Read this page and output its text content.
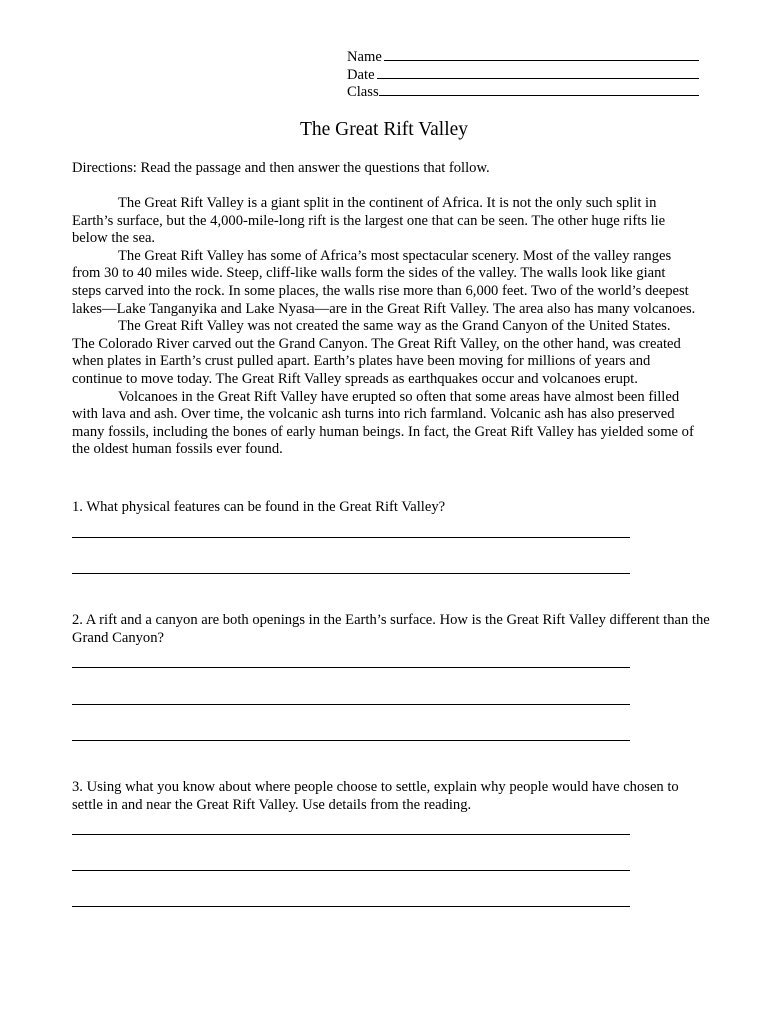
Name
Date
Class
The Great Rift Valley
Directions: Read the passage and then answer the questions that follow.

The Great Rift Valley is a giant split in the continent of Africa. It is not the only such split in Earth’s surface, but the 4,000-mile-long rift is the largest one that can be seen. The other huge rifts lie below the sea.

The Great Rift Valley has some of Africa’s most spectacular scenery. Most of the valley ranges from 30 to 40 miles wide. Steep, cliff-like walls form the sides of the valley. The walls look like giant steps carved into the rock. In some places, the walls rise more than 6,000 feet. Two of the world’s deepest lakes—Lake Tanganyika and Lake Nyasa—are in the Great Rift Valley. The area also has many volcanoes.

The Great Rift Valley was not created the same way as the Grand Canyon of the United States. The Colorado River carved out the Grand Canyon. The Great Rift Valley, on the other hand, was created when plates in Earth’s crust pulled apart. Earth’s plates have been moving for millions of years and continue to move today. The Great Rift Valley spreads as earthquakes occur and volcanoes erupt.

Volcanoes in the Great Rift Valley have erupted so often that some areas have almost been filled with lava and ash. Over time, the volcanic ash turns into rich farmland. Volcanic ash has also preserved many fossils, including the bones of early human beings. In fact, the Great Rift Valley has yielded some of the oldest human fossils ever found.

1. What physical features can be found in the Great Rift Valley?
2. A rift and a canyon are both openings in the Earth’s surface. How is the Great Rift Valley different than the Grand Canyon?
3. Using what you know about where people choose to settle, explain why people would have chosen to settle in and near the Great Rift Valley. Use details from the reading.
